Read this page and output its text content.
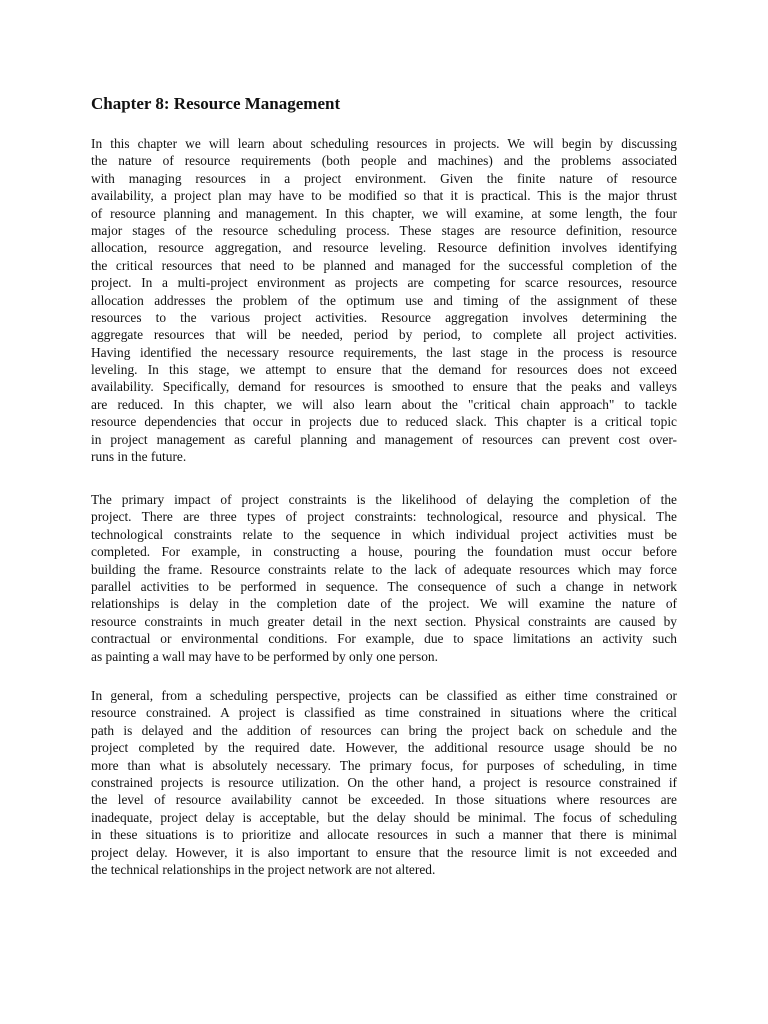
Chapter 8: Resource Management
In this chapter we will learn about scheduling resources in projects. We will begin by discussing
the nature of resource requirements (both people and machines) and the problems associated
with managing resources in a project environment. Given the finite nature of resource
availability, a project plan may have to be modified so that it is practical. This is the major thrust
of resource planning and management. In this chapter, we will examine, at some length, the four
major stages of the resource scheduling process. These stages are resource definition, resource
allocation, resource aggregation, and resource leveling. Resource definition involves identifying
the critical resources that need to be planned and managed for the successful completion of the
project. In a multi-project environment as projects are competing for scarce resources, resource
allocation addresses the problem of the optimum use and timing of the assignment of these
resources to the various project activities. Resource aggregation involves determining the
aggregate resources that will be needed, period by period, to complete all project activities.
Having identified the necessary resource requirements, the last stage in the process is resource
leveling. In this stage, we attempt to ensure that the demand for resources does not exceed
availability. Specifically, demand for resources is smoothed to ensure that the peaks and valleys
are reduced. In this chapter, we will also learn about the "critical chain approach" to tackle
resource dependencies that occur in projects due to reduced slack. This chapter is a critical topic
in project management as careful planning and management of resources can prevent cost over-
runs in the future.
The primary impact of project constraints is the likelihood of delaying the completion of the
project. There are three types of project constraints: technological, resource and physical. The
technological constraints relate to the sequence in which individual project activities must be
completed. For example, in constructing a house, pouring the foundation must occur before
building the frame. Resource constraints relate to the lack of adequate resources which may force
parallel activities to be performed in sequence. The consequence of such a change in network
relationships is delay in the completion date of the project. We will examine the nature of
resource constraints in much greater detail in the next section. Physical constraints are caused by
contractual or environmental conditions. For example, due to space limitations an activity such
as painting a wall may have to be performed by only one person.
In general, from a scheduling perspective, projects can be classified as either time constrained or
resource constrained. A project is classified as time constrained in situations where the critical
path is delayed and the addition of resources can bring the project back on schedule and the
project completed by the required date. However, the additional resource usage should be no
more than what is absolutely necessary. The primary focus, for purposes of scheduling, in time
constrained projects is resource utilization. On the other hand, a project is resource constrained if
the level of resource availability cannot be exceeded. In those situations where resources are
inadequate, project delay is acceptable, but the delay should be minimal. The focus of scheduling
in these situations is to prioritize and allocate resources in such a manner that there is minimal
project delay. However, it is also important to ensure that the resource limit is not exceeded and
the technical relationships in the project network are not altered.
